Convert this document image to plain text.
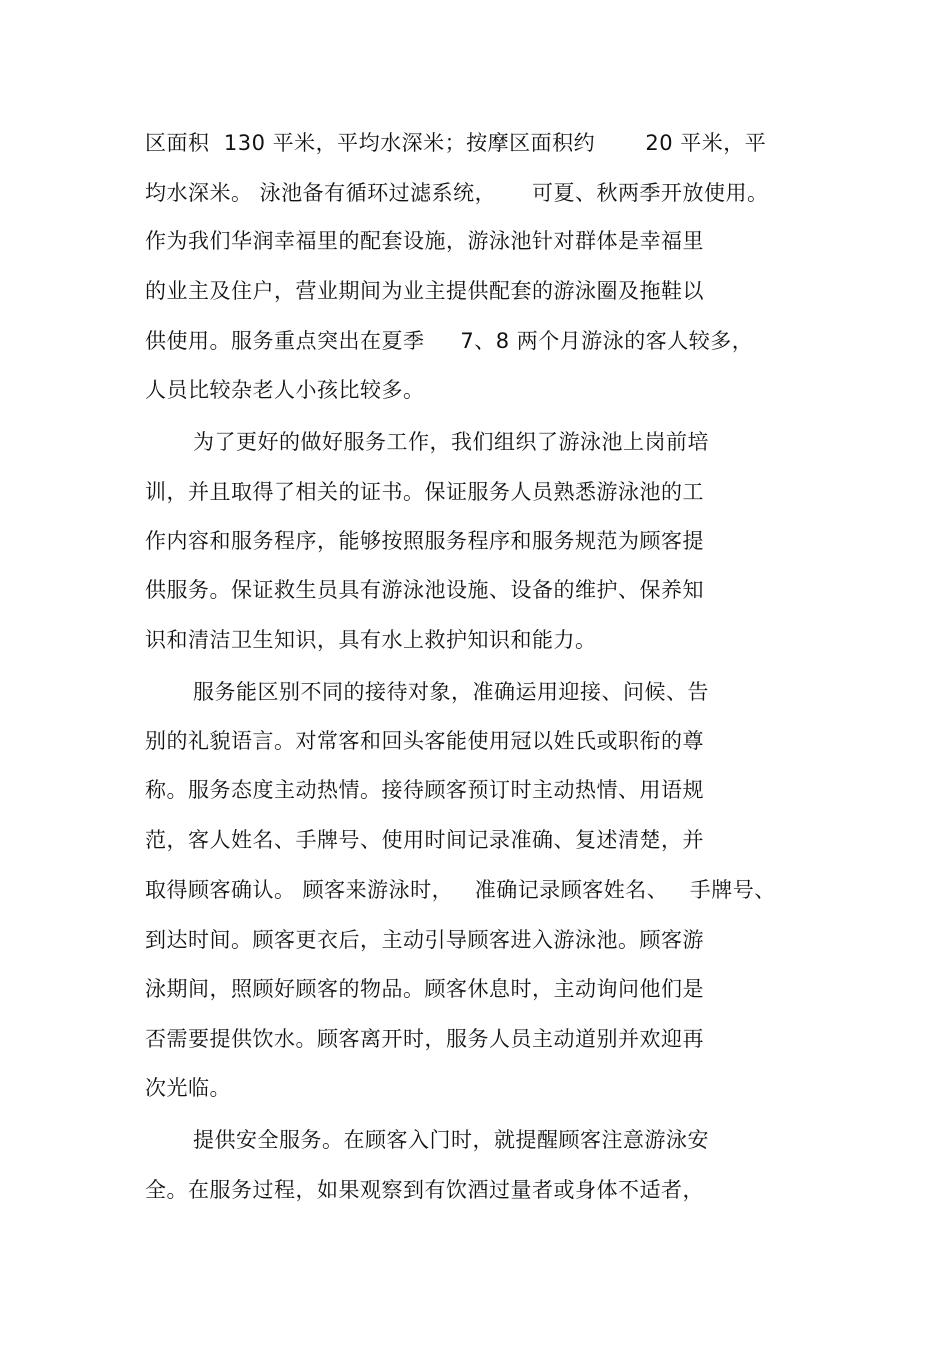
区面积  130 平米，平均水深米；按摩区面积约       20 平米，平
均水深米。 泳池备有循环过滤系统，     可夏、秋两季开放使用。
作为我们华润幸福里的配套设施，游泳池针对群体是幸福里
的业主及住户，营业期间为业主提供配套的游泳圈及拖鞋以
供使用。服务重点突出在夏季     7、8 两个月游泳的客人较多，
人员比较杂老人小孩比较多。
为了更好的做好服务工作，我们组织了游泳池上岗前培
训，并且取得了相关的证书。保证服务人员熟悉游泳池的工
作内容和服务程序，能够按照服务程序和服务规范为顾客提
供服务。保证救生员具有游泳池设施、设备的维护、保养知
识和清洁卫生知识，具有水上救护知识和能力。
服务能区别不同的接待对象，准确运用迎接、问候、告
别的礼貌语言。对常客和回头客能使用冠以姓氏或职衔的尊
称。服务态度主动热情。接待顾客预订时主动热情、用语规
范，客人姓名、手牌号、使用时间记录准确、复述清楚，并
取得顾客确认。 顾客来游泳时，   准确记录顾客姓名、   手牌号、
到达时间。顾客更衣后，主动引导顾客进入游泳池。顾客游
泳期间，照顾好顾客的物品。顾客休息时，主动询问他们是
否需要提供饮水。顾客离开时，服务人员主动道别并欢迎再
次光临。
提供安全服务。在顾客入门时，就提醒顾客注意游泳安
全。在服务过程，如果观察到有饮酒过量者或身体不适者，
